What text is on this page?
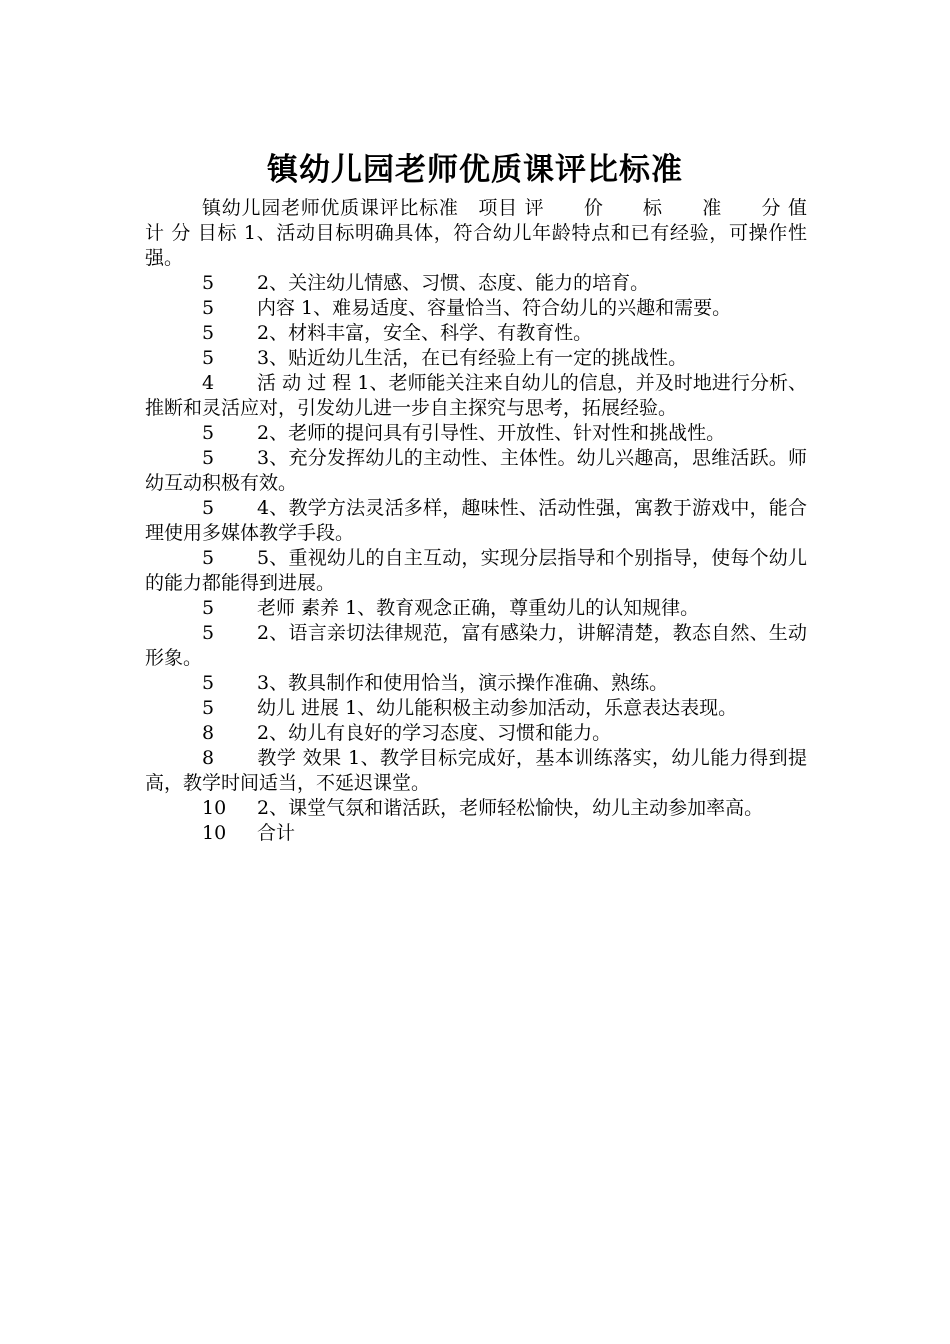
镇幼儿园老师优质课评比标准

镇幼儿园老师优质课评比标准　项目 评　　价　　标　　准　　分 值　　计 分 目标 1、活动目标明确具体，符合幼儿年龄特点和已有经验，可操作性强。

5 2、关注幼儿情感、习惯、态度、能力的培育。

5 内容 1、难易适度、容量恰当、符合幼儿的兴趣和需要。

5 2、材料丰富，安全、科学、有教育性。

5 3、贴近幼儿生活，在已有经验上有一定的挑战性。

4 活 动 过 程 1、老师能关注来自幼儿的信息，并及时地进行分析、推断和灵活应对，引发幼儿进一步自主探究与思考，拓展经验。

5 2、老师的提问具有引导性、开放性、针对性和挑战性。

5 3、充分发挥幼儿的主动性、主体性。幼儿兴趣高，思维活跃。师幼互动积极有效。

5 4、教学方法灵活多样，趣味性、活动性强，寓教于游戏中，能合理使用多媒体教学手段。

5 5、重视幼儿的自主互动，实现分层指导和个别指导，使每个幼儿的能力都能得到进展。

5 老师 素养 1、教育观念正确，尊重幼儿的认知规律。

5 2、语言亲切法律规范，富有感染力，讲解清楚，教态自然、生动形象。

5 3、教具制作和使用恰当，演示操作准确、熟练。

5 幼儿 进展 1、幼儿能积极主动参加活动，乐意表达表现。

8 2、幼儿有良好的学习态度、习惯和能力。

8 教学 效果 1、教学目标完成好，基本训练落实，幼儿能力得到提高，教学时间适当，不延迟课堂。

10 2、课堂气氛和谐活跃，老师轻松愉快，幼儿主动参加率高。

10 合计
